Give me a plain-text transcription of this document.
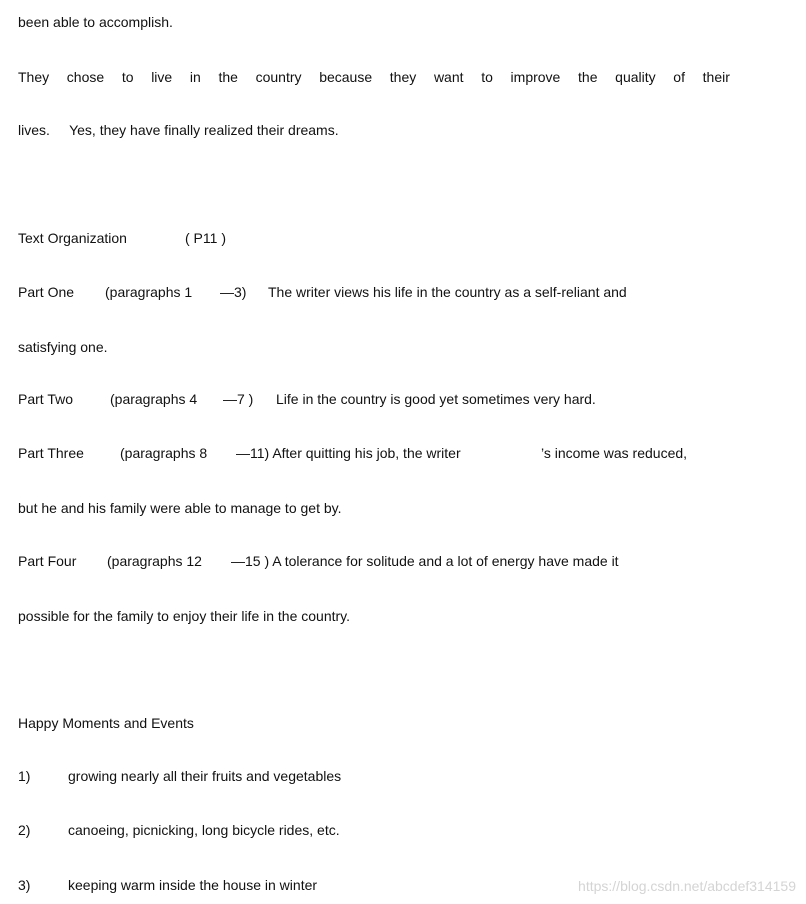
been able to accomplish.
They chose to live in the country because they want to improve the quality of their
lives.     Yes, they have finally realized their dreams.
Text Organization	( P11 )
Part One (paragraphs 1 —3) The writer views his life in the country as a self-reliant and
satisfying one.
Part Two	(paragraphs 4 —7 ) Life in the country is good yet sometimes very hard.
Part Three	(paragraphs 8 —11) After quitting his job, the writer	’s income was reduced,
but he and his family were able to manage to get by.
Part Four (paragraphs 12 —15 ) A tolerance for solitude and a lot of energy have made it
possible for the family to enjoy their life in the country.
Happy Moments and Events
1)	growing nearly all their fruits and vegetables
2)	canoeing, picnicking, long bicycle rides, etc.
3)	keeping warm inside the house in winter	https://blog.csdn.net/abcdef314159
